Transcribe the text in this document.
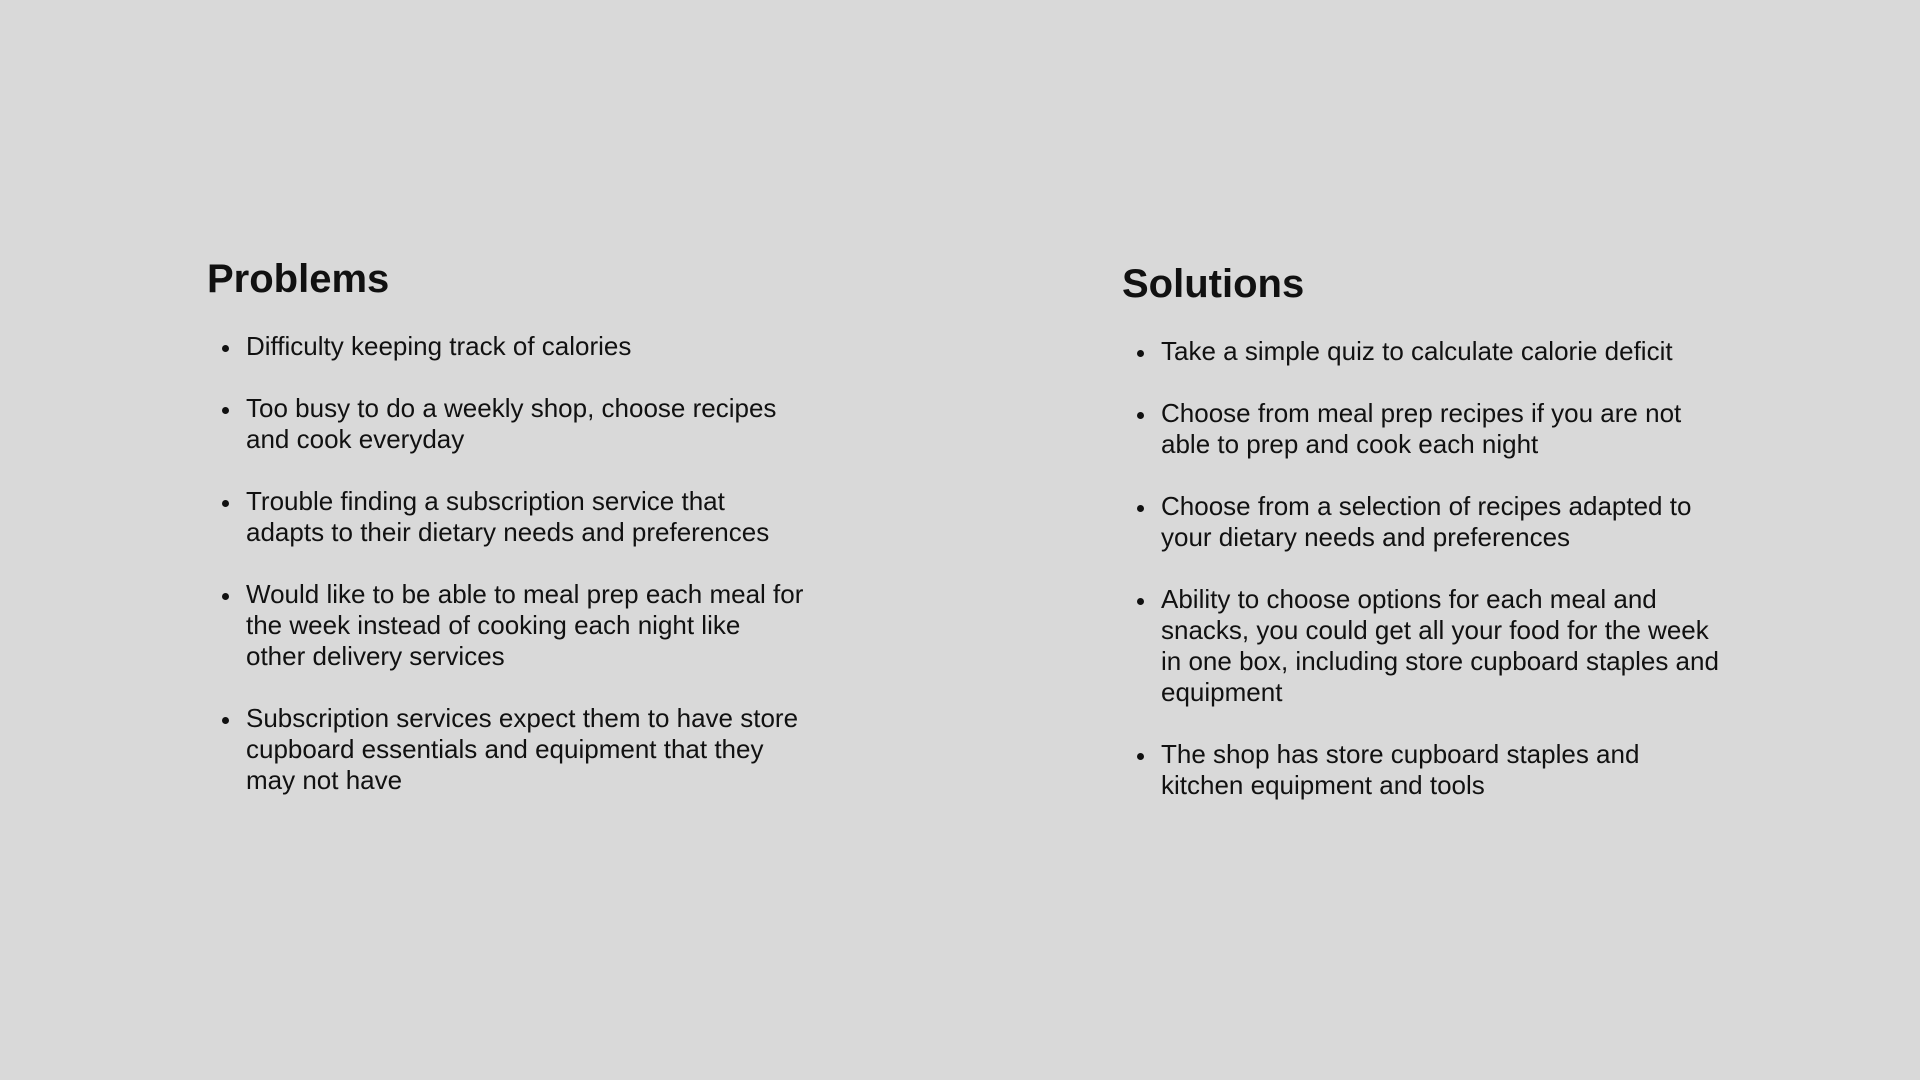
Problems
Difficulty keeping track of calories
Too busy to do a weekly shop, choose recipes and cook everyday
Trouble finding a subscription service that adapts to their dietary needs and preferences
Would like to be able to meal prep each meal for the week instead of cooking each night like other delivery services
Subscription services expect them to have store cupboard essentials and equipment that they may not have
Solutions
Take a simple quiz to calculate calorie deficit
Choose from meal prep recipes if you are not able to prep and cook each night
Choose from a selection of recipes adapted to your dietary needs and preferences
Ability to choose options for each meal and snacks, you could get all your food for the week in one box, including store cupboard staples and equipment
The shop has store cupboard staples and kitchen equipment and tools
